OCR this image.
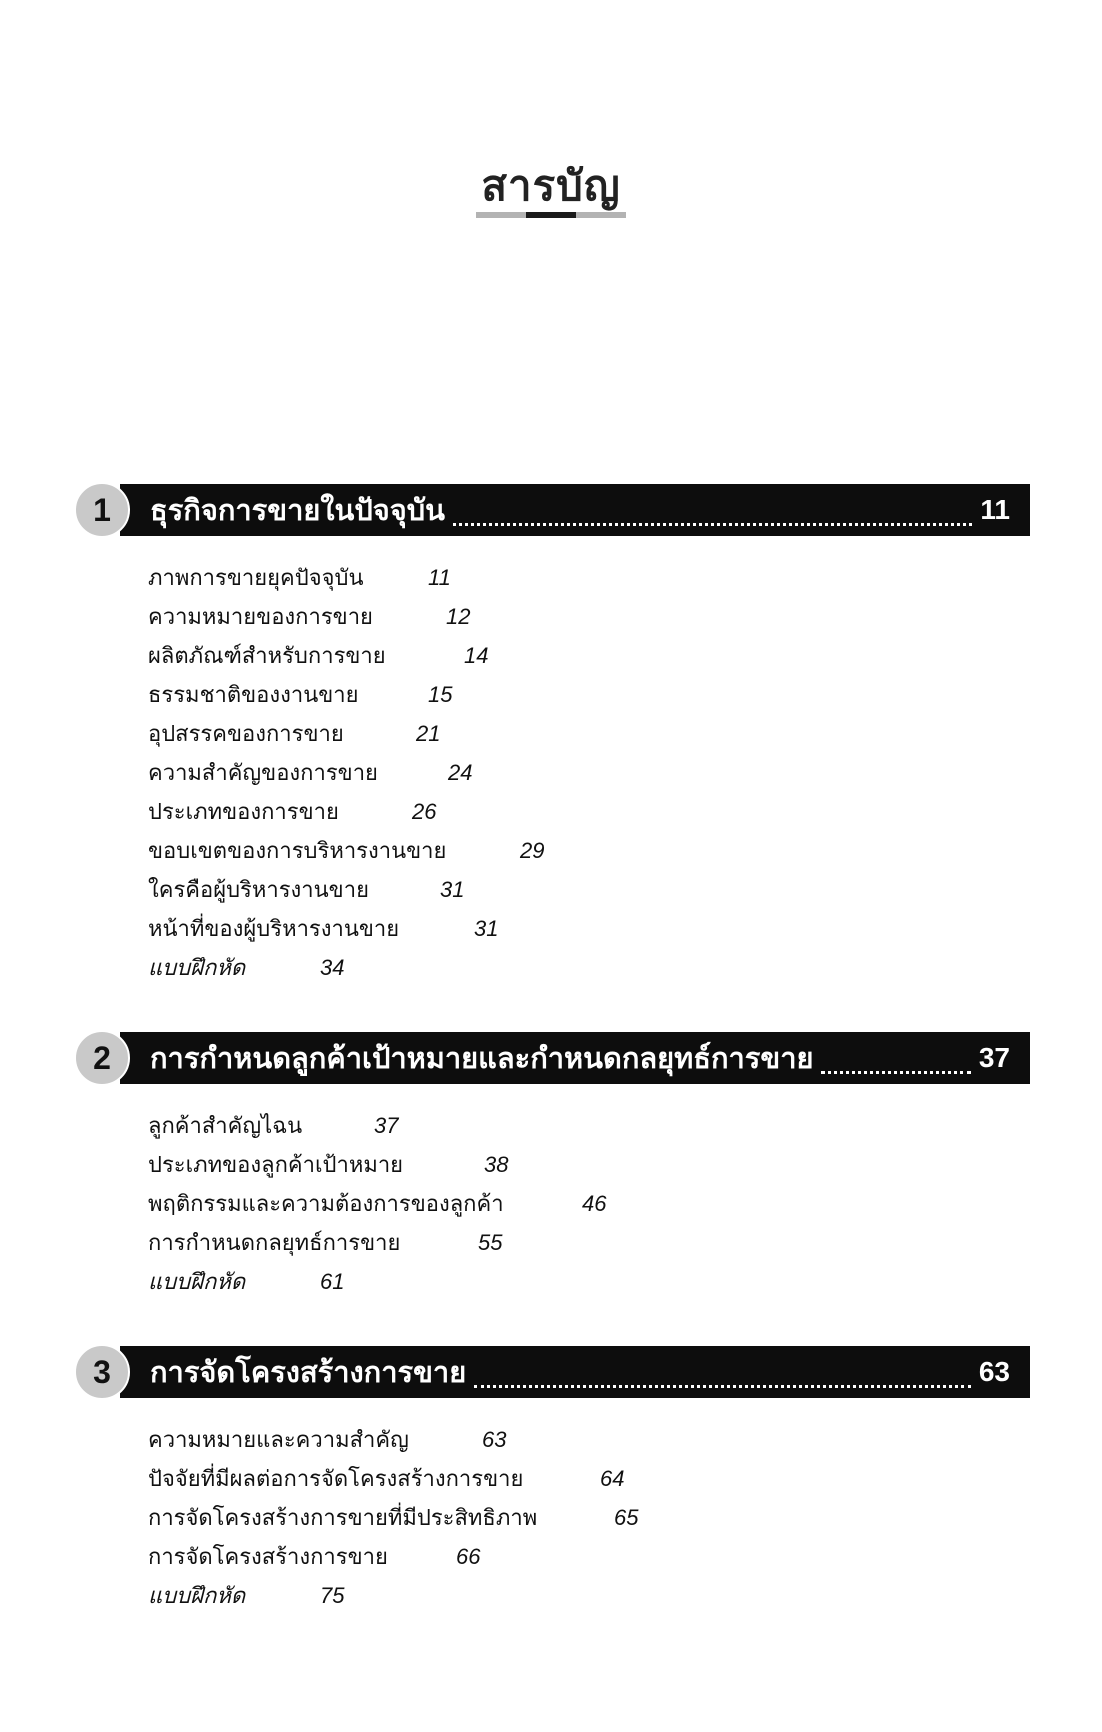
สารบัญ
1	ธุรกิจการขายในปัจจุบัน	11
ภาพการขายยุคปัจจุบัน	11
ความหมายของการขาย	12
ผลิตภัณฑ์สำหรับการขาย	14
ธรรมชาติของงานขาย	15
อุปสรรคของการขาย	21
ความสำคัญของการขาย	24
ประเภทของการขาย	26
ขอบเขตของการบริหารงานขาย	29
ใครคือผู้บริหารงานขาย	31
หน้าที่ของผู้บริหารงานขาย	31
แบบฝึกหัด	34
2	การกำหนดลูกค้าเป้าหมายและกำหนดกลยุทธ์การขาย	37
ลูกค้าสำคัญไฉน	37
ประเภทของลูกค้าเป้าหมาย	38
พฤติกรรมและความต้องการของลูกค้า	46
การกำหนดกลยุทธ์การขาย	55
แบบฝึกหัด	61
3	การจัดโครงสร้างการขาย	63
ความหมายและความสำคัญ	63
ปัจจัยที่มีผลต่อการจัดโครงสร้างการขาย	64
การจัดโครงสร้างการขายที่มีประสิทธิภาพ	65
การจัดโครงสร้างการขาย	66
แบบฝึกหัด	75
